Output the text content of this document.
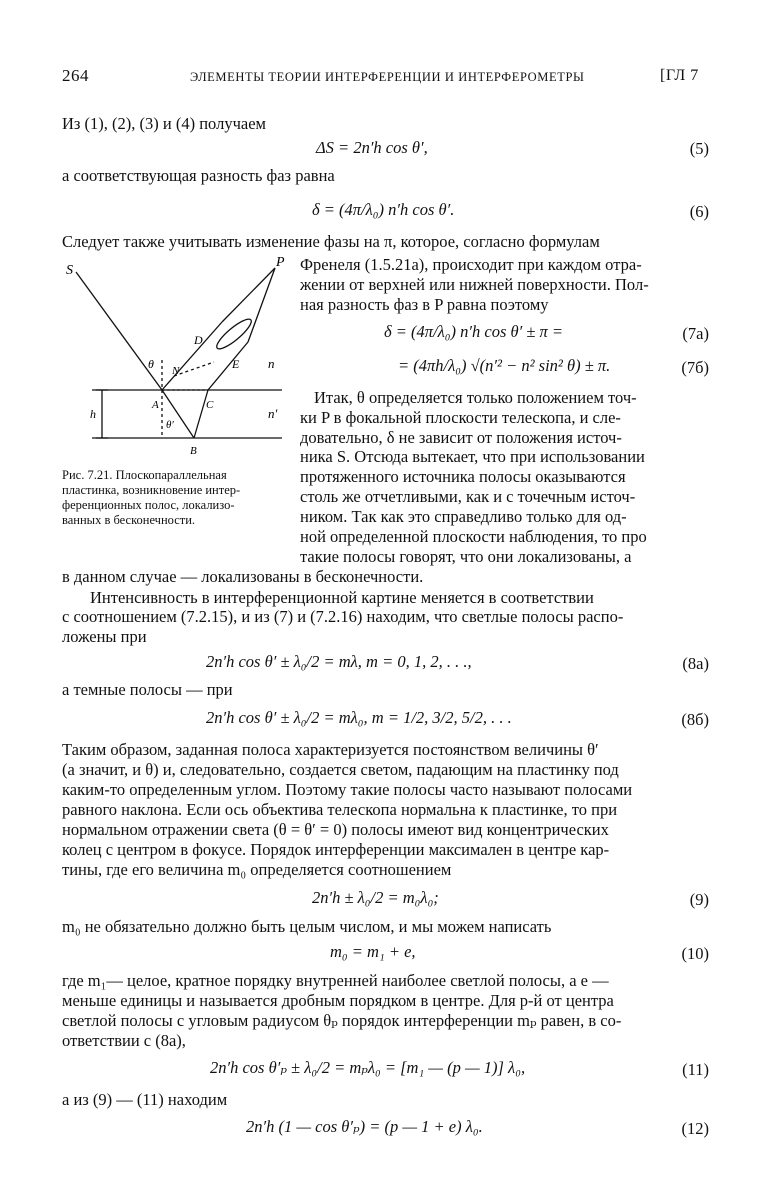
264	ЭЛЕМЕНТЫ ТЕОРИИ ИНТЕРФЕРЕНЦИИ И ИНТЕРФЕРОМЕТРЫ	[ГЛ 7
Из (1), (2), (3) и (4) получаем
ΔS = 2n′h cos θ′,	(5)
а соответствующая разность фаз равна
δ = (4π/λ₀) n′h cos θ′.	(6)
Следует также учитывать изменение фазы на π, которое, согласно формулам
S
P
D
E n
n′
N
θ
A	C
θ′
B
h
Рис. 7.21. Плоскопараллельная
пластинка, возникновение интер-
ференционных полос, локализо-
ванных в бесконечности.
Френеля (1.5.21а), происходит при каждом отра-
жении от верхней или нижней поверхности. Пол-
ная разность фаз в P равна поэтому
δ = (4π/λ₀) n′h cos θ′ ± π =	(7а)
= (4πh/λ₀) √(n′² − n² sin² θ) ± π.	(7б)
Итак, θ определяется только положением точ-
ки P в фокальной плоскости телескопа, и сле-
довательно, δ не зависит от положения источ-
ника S. Отсюда вытекает, что при использовании
протяженного источника полосы оказываются
столь же отчетливыми, как и с точечным источ-
ником. Так как это справедливо только для од-
ной определенной плоскости наблюдения, то про
такие полосы говорят, что они локализованы, а
в данном случае — локализованы в бесконечности.
Интенсивность в интерференционной картине меняется в соответствии
с соотношением (7.2.15), и из (7) и (7.2.16) находим, что светлые полосы распо-
ложены при
2n′h cos θ′ ± λ₀/2 = mλ, m = 0, 1, 2, . . .,	(8а)
а темные полосы — при
2n′h cos θ′ ± λ₀/2 = mλ₀, m = 1/2, 3/2, 5/2, . . .	(8б)
Таким образом, заданная полоса характеризуется постоянством величины θ′
(а значит, и θ) и, следовательно, создается светом, падающим на пластинку под
каким-то определенным углом. Поэтому такие полосы часто называют полосами
равного наклона. Если ось объектива телескопа нормальна к пластинке, то при
нормальном отражении света (θ = θ′ = 0) полосы имеют вид концентрических
колец с центром в фокусе. Порядок интерференции максимален в центре кар-
тины, где его величина m₀ определяется соотношением
2n′h ± λ₀/2 = m₀λ₀;	(9)
m₀ не обязательно должно быть целым числом, и мы можем написать
m₀ = m₁ + e,	(10)
где m₁— целое, кратное порядку внутренней наиболее светлой полосы, а e —
меньше единицы и называется дробным порядком в центре. Для p-й от центра
светлой полосы с угловым радиусом θₚ порядок интерференции mₚ равен, в со-
ответствии с (8а),
2n′h cos θ′ₚ ± λ₀/2 = mₚλ₀ = [m₁ — (p — 1)] λ₀,	(11)
а из (9) — (11) находим
2n′h (1 — cos θ′ₚ) = (p — 1 + e) λ₀.	(12)
